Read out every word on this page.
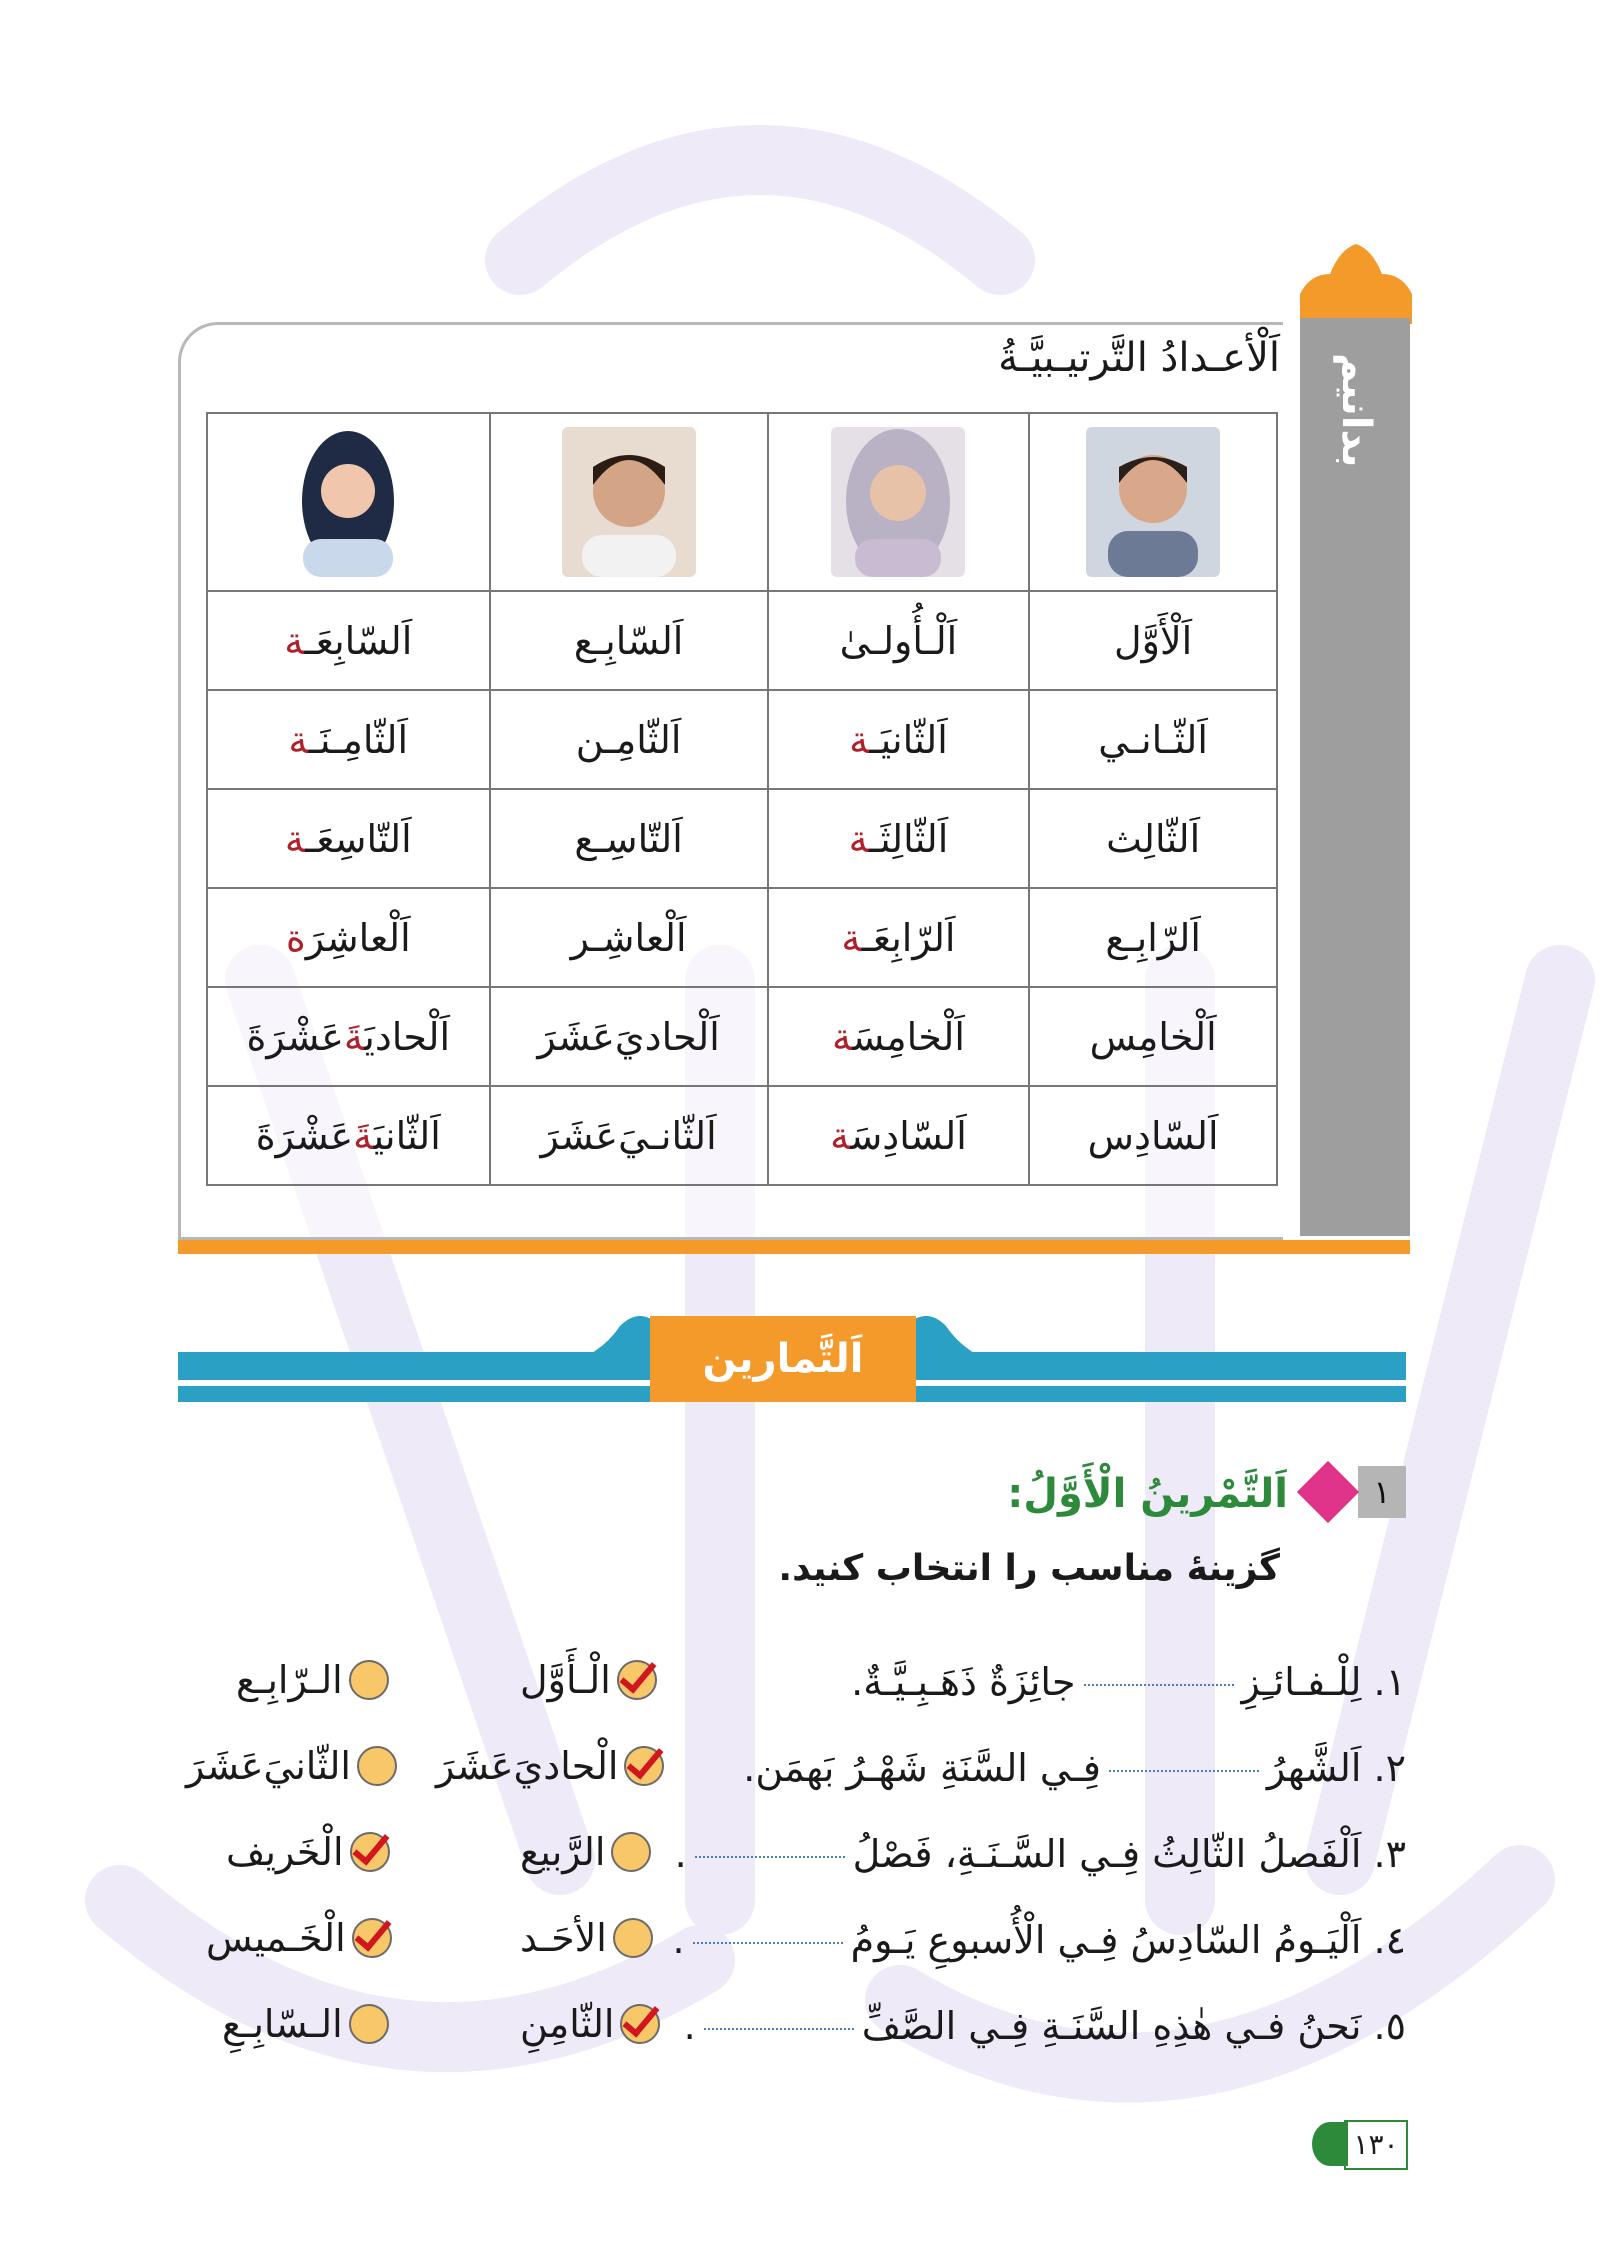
بدانیم
اَلْأعـدادُ التَّرتیـبیَّـةُ

اَلْأَوَّل	اَلْـأُولـیٰ	اَلسّابِـع	اَلسّابِعَـة
اَلثّـانـي	اَلثّانيَـة	اَلثّامِـن	اَلثّامِـنَـة
اَلثّالِث	اَلثّالِثَـة	اَلتّاسِـع	اَلتّاسِعَـة
اَلرّابِـع	اَلرّابِعَـة	اَلْعاشِـر	اَلْعاشِرَة
اَلْخامِس	اَلْخامِسَة	اَلْحاديَ‌عَشَرَ	اَلْحادیَةَعَشْرَةَ
اَلسّادِس	اَلسّادِسَة	اَلثّانـيَ‌عَشَرَ	اَلثّانيَةَعَشْرَةَ
اَلتَّمارين
١
اَلتَّمْرينُ الْأَوَّلُ:
گزینهٔ مناسب را انتخاب کنید.
١. لِلْـفـائـِزِجائِزَةٌ ذَهَـبِـيَّـةٌ.
الْـأَوَّل
الـرّابِـع
٢. اَلشَّهرُفِـي السَّنَةِ شَهْـرُ بَهمَن.
الْحاديَ‌عَشَرَ
الثّانيَ‌عَشَرَ
٣. اَلْفَصلُ الثّالِثُ فِـي السَّـنَـةِ، فَصْلُ.
الرَّبيع
الْخَريف
٤. اَلْيَـومُ السّادِسُ فِـي الْأُسبوعِ يَـومُ.
الأحَـد
الْخَـميس
٥. نَحنُ فـي هٰذِهِ السَّنَـةِ فِـي الصَّفِّ.
الثّامِنِ
الـسّابِـعِ
١٣٠
